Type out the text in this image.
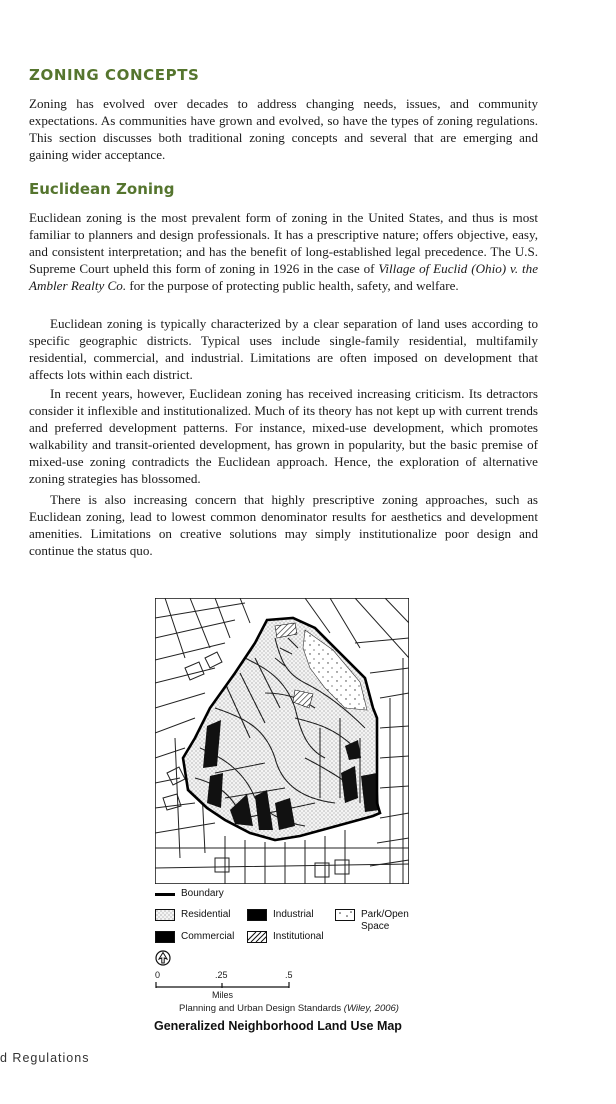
ZONING CONCEPTS

Zoning has evolved over decades to address changing needs, issues, and community expectations. As communities have grown and evolved, so have the types of zoning regulations. This section discusses both traditional zoning concepts and several that are emerging and gaining wider acceptance.

Euclidean Zoning

Euclidean zoning is the most prevalent form of zoning in the United States, and thus is most familiar to planners and design professionals. It has a prescriptive nature; offers objective, easy, and consistent interpretation; and has the benefit of long-established legal precedence. The U.S. Supreme Court upheld this form of zoning in 1926 in the case of Village of Euclid (Ohio) v. the Ambler Realty Co. for the purpose of protecting public health, safety, and welfare.

Euclidean zoning is typically characterized by a clear separation of land uses according to specific geographic districts. Typical uses include single-family residential, multifamily residential, commercial, and industrial. Limitations are often imposed on development that affects lots within each district.

In recent years, however, Euclidean zoning has received increasing criticism. Its detractors consider it inflexible and institutionalized. Much of its theory has not kept up with current trends and preferred development patterns. For instance, mixed-use development, which promotes walkability and transit-oriented development, has grown in popularity, but the basic premise of mixed-use zoning contradicts the Euclidean approach. Hence, the exploration of alternative zoning strategies has blossomed.

There is also increasing concern that highly prescriptive zoning approaches, such as Euclidean zoning, lead to lowest common denominator results for aesthetics and development amenities. Limitations on creative solutions may simply institutionalize poor design and continue the status quo.

Boundary
Residential	Industrial	Park/Open
Space
Commercial	Institutional
0	.25	.5
Miles
Planning and Urban Design Standards (Wiley, 2006)

Generalized Neighborhood Land Use Map

d Regulations
